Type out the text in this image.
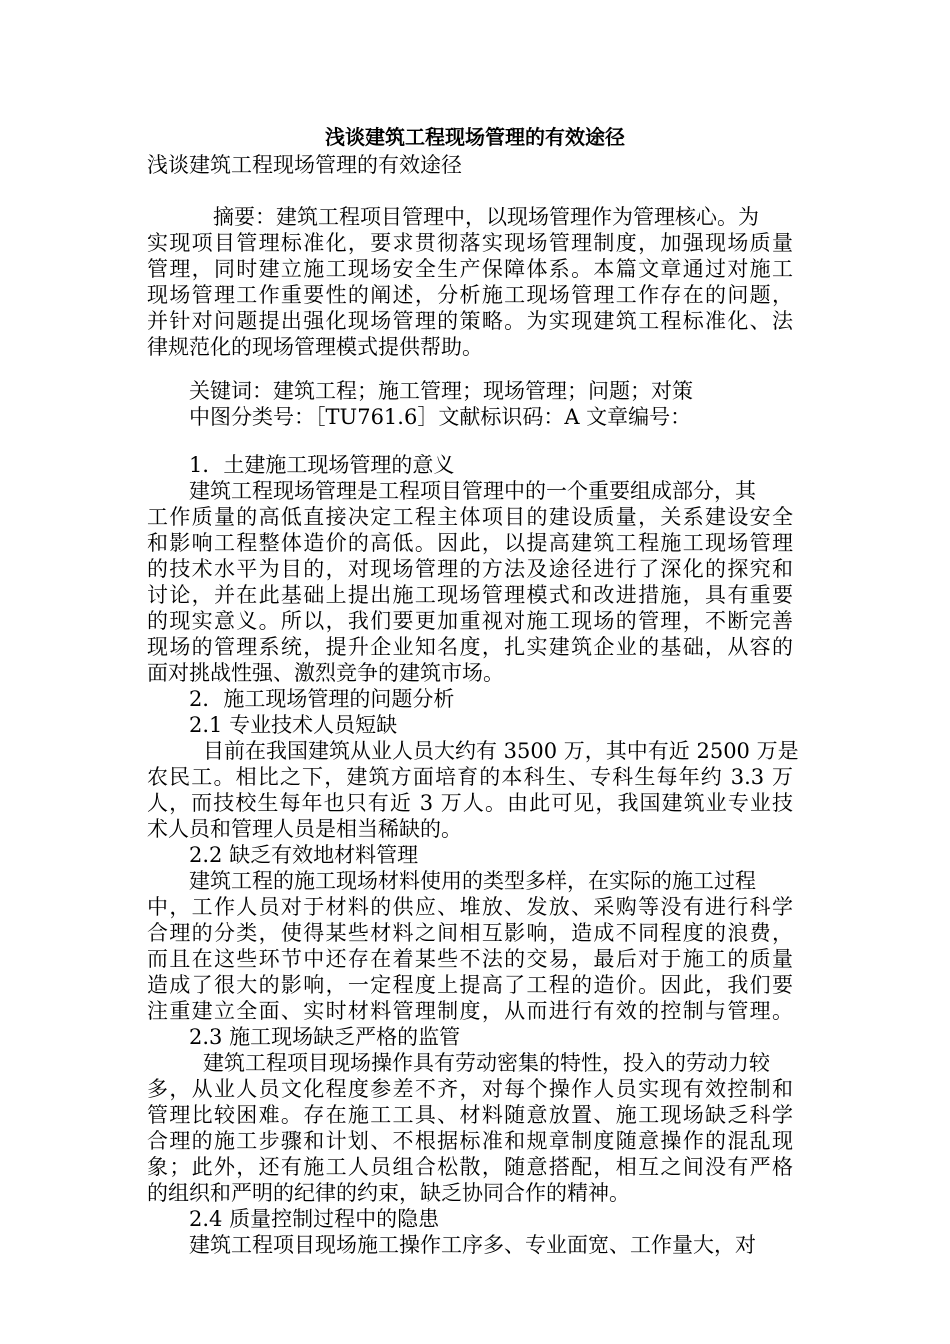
浅谈建筑工程现场管理的有效途径

浅谈建筑工程现场管理的有效途径

摘要：建筑工程项目管理中，以现场管理作为管理核心。为

实现项目管理标准化，要求贯彻落实现场管理制度，加强现场质量

管理，同时建立施工现场安全生产保障体系。本篇文章通过对施工

现场管理工作重要性的阐述，分析施工现场管理工作存在的问题，

并针对问题提出强化现场管理的策略。为实现建筑工程标准化、法

律规范化的现场管理模式提供帮助。

关键词：建筑工程；施工管理；现场管理；问题；对策

中图分类号：［TU761.6］文献标识码：A 文章编号：

1．土建施工现场管理的意义

建筑工程现场管理是工程项目管理中的一个重要组成部分，其

工作质量的高低直接决定工程主体项目的建设质量，关系建设安全

和影响工程整体造价的高低。因此，以提高建筑工程施工现场管理

的技术水平为目的，对现场管理的方法及途径进行了深化的探究和

讨论，并在此基础上提出施工现场管理模式和改进措施，具有重要

的现实意义。所以，我们要更加重视对施工现场的管理，不断完善

现场的管理系统，提升企业知名度，扎实建筑企业的基础，从容的

面对挑战性强、激烈竞争的建筑市场。

2．施工现场管理的问题分析

2.1 专业技术人员短缺

目前在我国建筑从业人员大约有 3500 万，其中有近 2500 万是

农民工。相比之下，建筑方面培育的本科生、专科生每年约 3.3 万

人，而技校生每年也只有近 3 万人。由此可见，我国建筑业专业技

术人员和管理人员是相当稀缺的。

2.2 缺乏有效地材料管理

建筑工程的施工现场材料使用的类型多样，在实际的施工过程

中，工作人员对于材料的供应、堆放、发放、采购等没有进行科学

合理的分类，使得某些材料之间相互影响，造成不同程度的浪费，

而且在这些环节中还存在着某些不法的交易，最后对于施工的质量

造成了很大的影响，一定程度上提高了工程的造价。因此，我们要

注重建立全面、实时材料管理制度，从而进行有效的控制与管理。

2.3 施工现场缺乏严格的监管

建筑工程项目现场操作具有劳动密集的特性，投入的劳动力较

多，从业人员文化程度参差不齐，对每个操作人员实现有效控制和

管理比较困难。存在施工工具、材料随意放置、施工现场缺乏科学

合理的施工步骤和计划、不根据标准和规章制度随意操作的混乱现

象；此外，还有施工人员组合松散，随意搭配，相互之间没有严格

的组织和严明的纪律的约束，缺乏协同合作的精神。

2.4 质量控制过程中的隐患

建筑工程项目现场施工操作工序多、专业面宽、工作量大，对
